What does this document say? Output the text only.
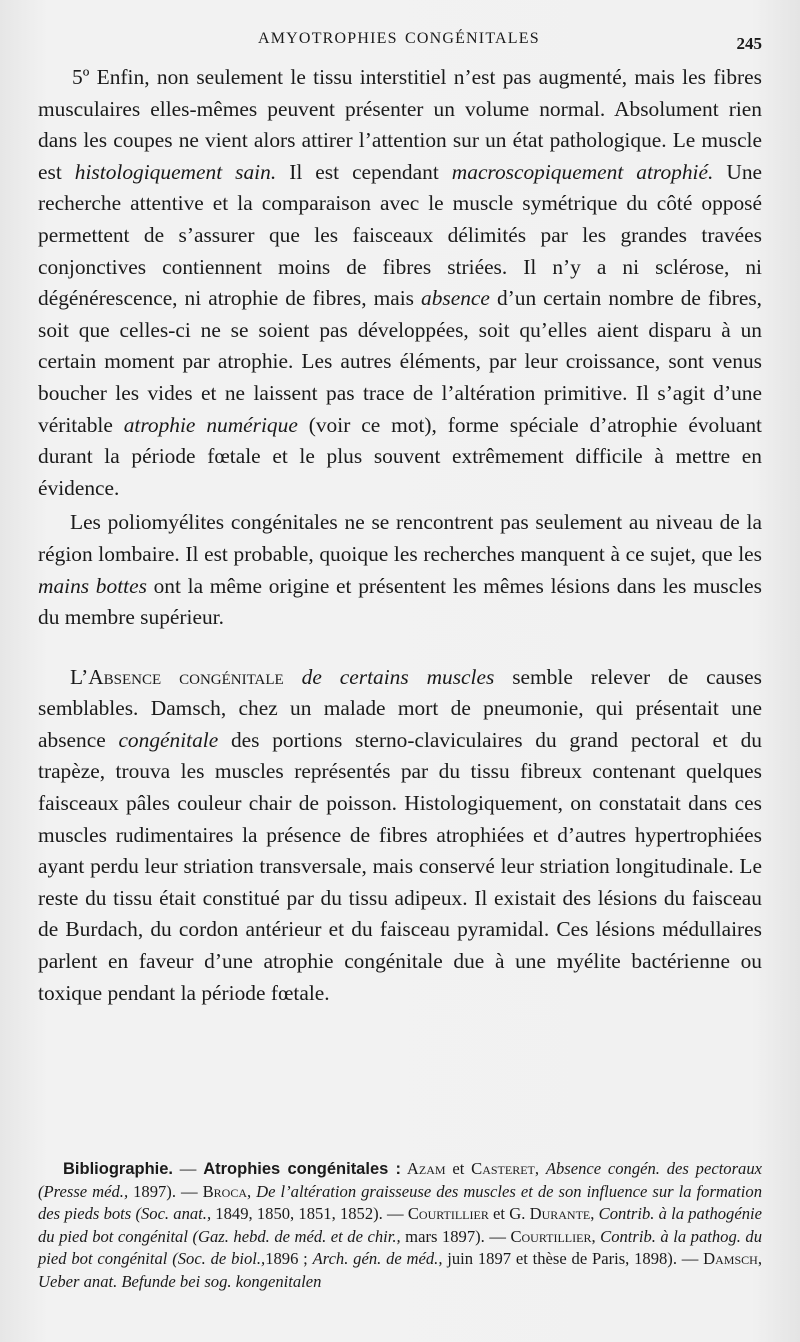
AMYOTROPHIES CONGÉNITALES	245

5º Enfin, non seulement le tissu interstitiel n’est pas augmenté, mais les fibres musculaires elles-mêmes peuvent présenter un volume normal. Absolument rien dans les coupes ne vient alors attirer l’attention sur un état pathologique. Le muscle est histologiquement sain. Il est cependant macroscopiquement atrophié. Une recherche attentive et la comparaison avec le muscle symétrique du côté opposé permettent de s’assurer que les faisceaux délimités par les grandes travées conjonctives contiennent moins de fibres striées. Il n’y a ni sclérose, ni dégénérescence, ni atrophie de fibres, mais absence d’un certain nombre de fibres, soit que celles-ci ne se soient pas développées, soit qu’elles aient disparu à un certain moment par atrophie. Les autres éléments, par leur croissance, sont venus boucher les vides et ne laissent pas trace de l’altération primitive. Il s’agit d’une véritable atrophie numérique (voir ce mot), forme spéciale d’atrophie évoluant durant la période fœtale et le plus souvent extrêmement difficile à mettre en évidence.

Les poliomyélites congénitales ne se rencontrent pas seulement au niveau de la région lombaire. Il est probable, quoique les recherches manquent à ce sujet, que les mains bottes ont la même origine et présentent les mêmes lésions dans les muscles du membre supérieur.

L’Absence congénitale de certains muscles semble relever de causes semblables. Damsch, chez un malade mort de pneumonie, qui présentait une absence congénitale des portions sterno-claviculaires du grand pectoral et du trapèze, trouva les muscles représentés par du tissu fibreux contenant quelques faisceaux pâles couleur chair de poisson. Histologiquement, on constatait dans ces muscles rudimentaires la présence de fibres atrophiées et d’autres hypertrophiées ayant perdu leur striation transversale, mais conservé leur striation longitudinale. Le reste du tissu était constitué par du tissu adipeux. Il existait des lésions du faisceau de Burdach, du cordon antérieur et du faisceau pyramidal. Ces lésions médullaires parlent en faveur d’une atrophie congénitale due à une myélite bactérienne ou toxique pendant la période fœtale.

Bibliographie. — Atrophies congénitales : Azam et Casteret, Absence congén. des pectoraux (Presse méd., 1897). — Broca, De l’altération graisseuse des muscles et de son influence sur la formation des pieds bots (Soc. anat., 1849, 1850, 1851, 1852). — Courtillier et G. Durante, Contrib. à la pathogénie du pied bot congénital (Gaz. hebd. de méd. et de chir., mars 1897). — Courtillier, Contrib. à la pathog. du pied bot congénital (Soc. de biol.,1896 ; Arch. gén. de méd., juin 1897 et thèse de Paris, 1898). — Damsch, Ueber anat. Befunde bei sog. kongenitalen
